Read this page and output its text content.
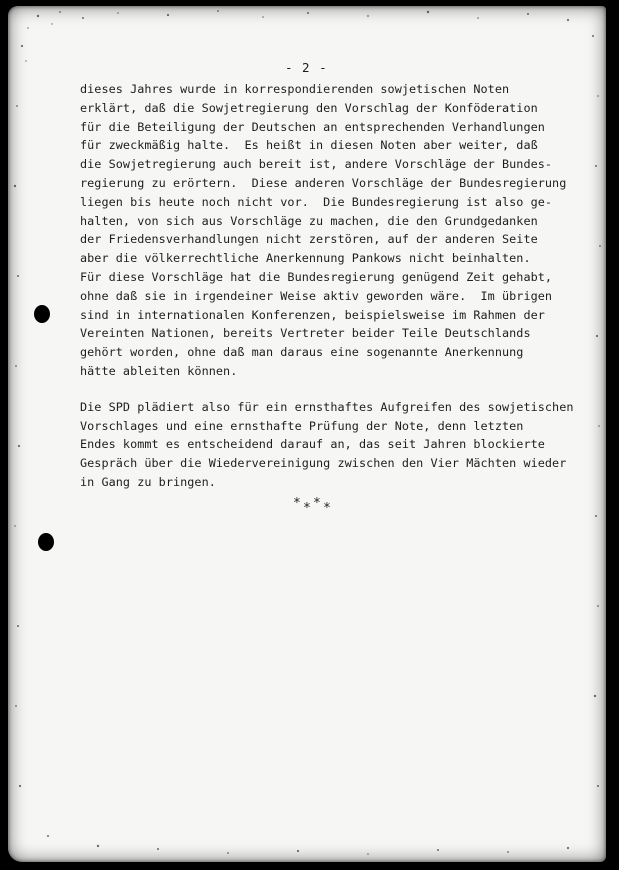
- 2 -
dieses Jahres wurde in korrespondierenden sowjetischen Noten
erklärt, daß die Sowjetregierung den Vorschlag der Konföderation
für die Beteiligung der Deutschen an entsprechenden Verhandlungen
für zweckmäßig halte.  Es heißt in diesen Noten aber weiter, daß
die Sowjetregierung auch bereit ist, andere Vorschläge der Bundes-
regierung zu erörtern.  Diese anderen Vorschläge der Bundesregierung
liegen bis heute noch nicht vor.  Die Bundesregierung ist also ge-
halten, von sich aus Vorschläge zu machen, die den Grundgedanken
der Friedensverhandlungen nicht zerstören, auf der anderen Seite
aber die völkerrechtliche Anerkennung Pankows nicht beinhalten.
Für diese Vorschläge hat die Bundesregierung genügend Zeit gehabt,
ohne daß sie in irgendeiner Weise aktiv geworden wäre.  Im übrigen
sind in internationalen Konferenzen, beispielsweise im Rahmen der
Vereinten Nationen, bereits Vertreter beider Teile Deutschlands
gehört worden, ohne daß man daraus eine sogenannte Anerkennung
hätte ableiten können.
Die SPD plädiert also für ein ernsthaftes Aufgreifen des sowjetischen
Vorschlages und eine ernsthafte Prüfung der Note, denn letzten
Endes kommt es entscheidend darauf an, das seit Jahren blockierte
Gespräch über die Wiedervereinigung zwischen den Vier Mächten wieder
in Gang zu bringen.
* * * *
